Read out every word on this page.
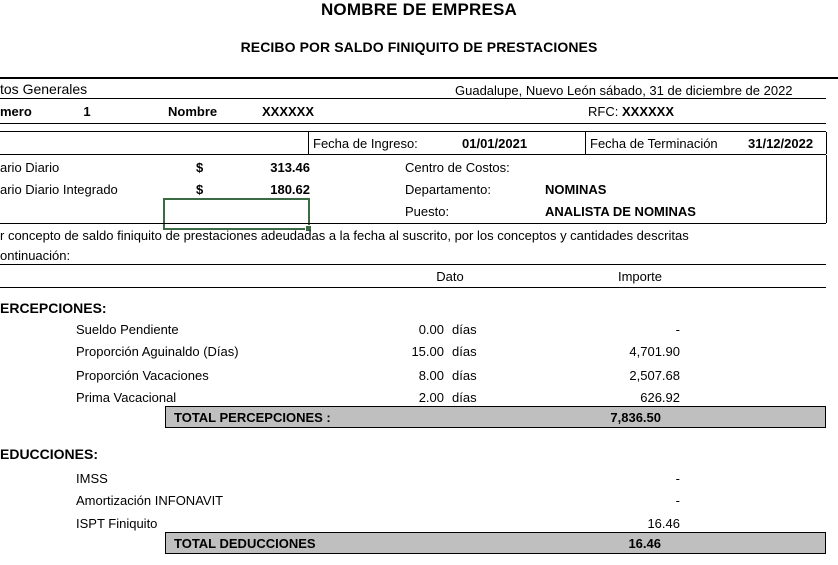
NOMBRE DE EMPRESA
RECIBO POR SALDO FINIQUITO DE PRESTACIONES
tos Generales	Guadalupe, Nuevo León sábado, 31 de diciembre de 2022
mero	1	Nombre	XXXXXX	RFC: XXXXXX
Fecha de Ingreso:	01/01/2021	Fecha de Terminación 31/12/2022
ario Diario	$	313.46	Centro de Costos:
ario Diario Integrado	$	180.62	Departamento:	NOMINAS
Puesto:	ANALISTA DE NOMINAS
r concepto de saldo finiquito de prestaciones adeudadas a la fecha al suscrito, por los conceptos y cantidades descritas
ontinuación:
Dato	Importe
ERCEPCIONES:
Sueldo Pendiente	0.00 días	-
Proporción Aguinaldo (Días)	15.00 días	4,701.90
Proporción Vacaciones	8.00 días	2,507.68
Prima Vacacional	2.00 días	626.92
TOTAL PERCEPCIONES :	7,836.50
EDUCCIONES:
IMSS	-
Amortización INFONAVIT	-
ISPT Finiquito	16.46
TOTAL DEDUCCIONES	16.46
